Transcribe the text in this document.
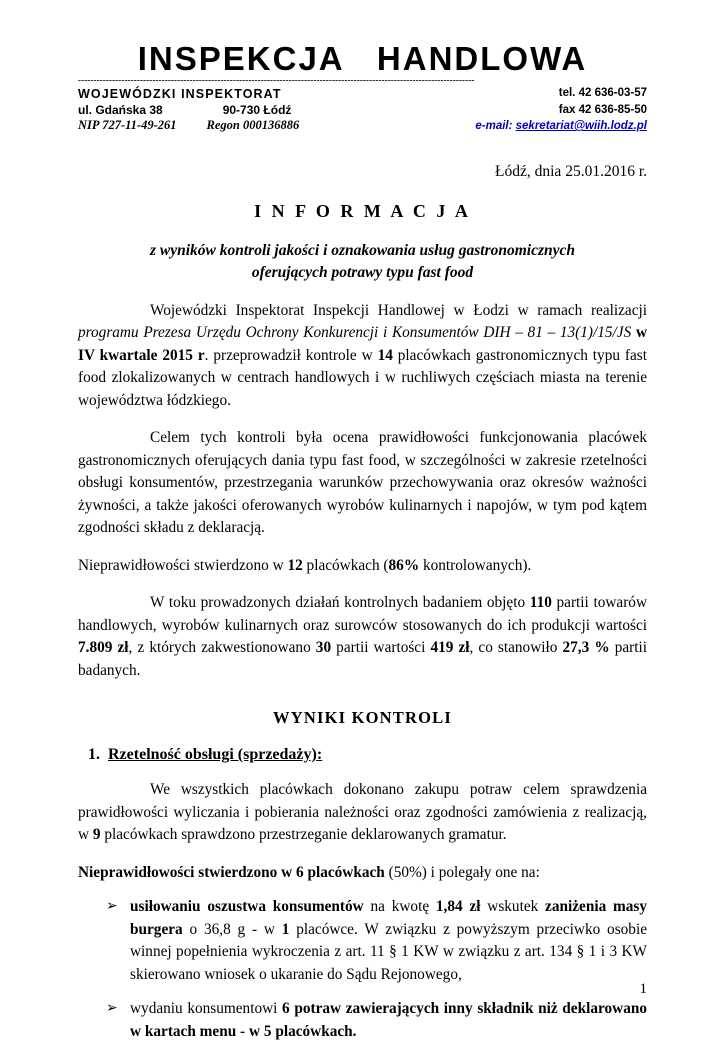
INSPEKCJA   HANDLOWA
--------------------------------------------------------------------------------------------------------------------------------
WOJEWÓDZKI INSPEKTORAT	tel. 42 636-03-57

ul. Gdańska 38 90-730 Łódź	fax 42 636-85-50

NIP 727-11-49-261 Regon 000136886	e-mail: sekretariat@wiih.lodz.pl
Łódź, dnia 25.01.2016 r.
I N F O R M A C J A
z wyników kontroli jakości i oznakowania usług gastronomicznych
oferujących potrawy typu fast food

Wojewódzki Inspektorat Inspekcji Handlowej w Łodzi w ramach realizacji programu Prezesa Urzędu Ochrony Konkurencji i Konsumentów DIH – 81 – 13(1)/15/JS w IV kwartale 2015 r. przeprowadził kontrole w 14 placówkach gastronomicznych typu fast food zlokalizowanych w centrach handlowych i w ruchliwych częściach miasta na terenie województwa łódzkiego.

Celem tych kontroli była ocena prawidłowości funkcjonowania placówek gastronomicznych oferujących dania typu fast food, w szczególności w zakresie rzetelności obsługi konsumentów, przestrzegania warunków przechowywania oraz okresów ważności żywności, a także jakości oferowanych wyrobów kulinarnych i napojów, w tym pod kątem zgodności składu z deklaracją.

Nieprawidłowości stwierdzono w 12 placówkach (86% kontrolowanych).

W toku prowadzonych działań kontrolnych badaniem objęto 110 partii towarów handlowych, wyrobów kulinarnych oraz surowców stosowanych do ich produkcji wartości 7.809 zł, z których zakwestionowano 30 partii wartości 419 zł, co stanowiło 27,3 % partii badanych.

WYNIKI KONTROLI
1. Rzetelność obsługi (sprzedaży):

We wszystkich placówkach dokonano zakupu potraw celem sprawdzenia prawidłowości wyliczania i pobierania należności oraz zgodności zamówienia z realizacją, w 9 placówkach sprawdzono przestrzeganie deklarowanych gramatur.

Nieprawidłowości stwierdzono w 6 placówkach (50%) i polegały one na:

➢ usiłowaniu oszustwa konsumentów na kwotę 1,84 zł wskutek zaniżenia masy burgera o 36,8 g - w 1 placówce. W związku z powyższym przeciwko osobie winnej popełnienia wykroczenia z art. 11 § 1 KW w związku z art. 134 § 1 i 3 KW skierowano wniosek o ukaranie do Sądu Rejonowego,
➢ wydaniu konsumentowi 6 potraw zawierających inny składnik niż deklarowano w kartach menu - w 5 placówkach.
1
